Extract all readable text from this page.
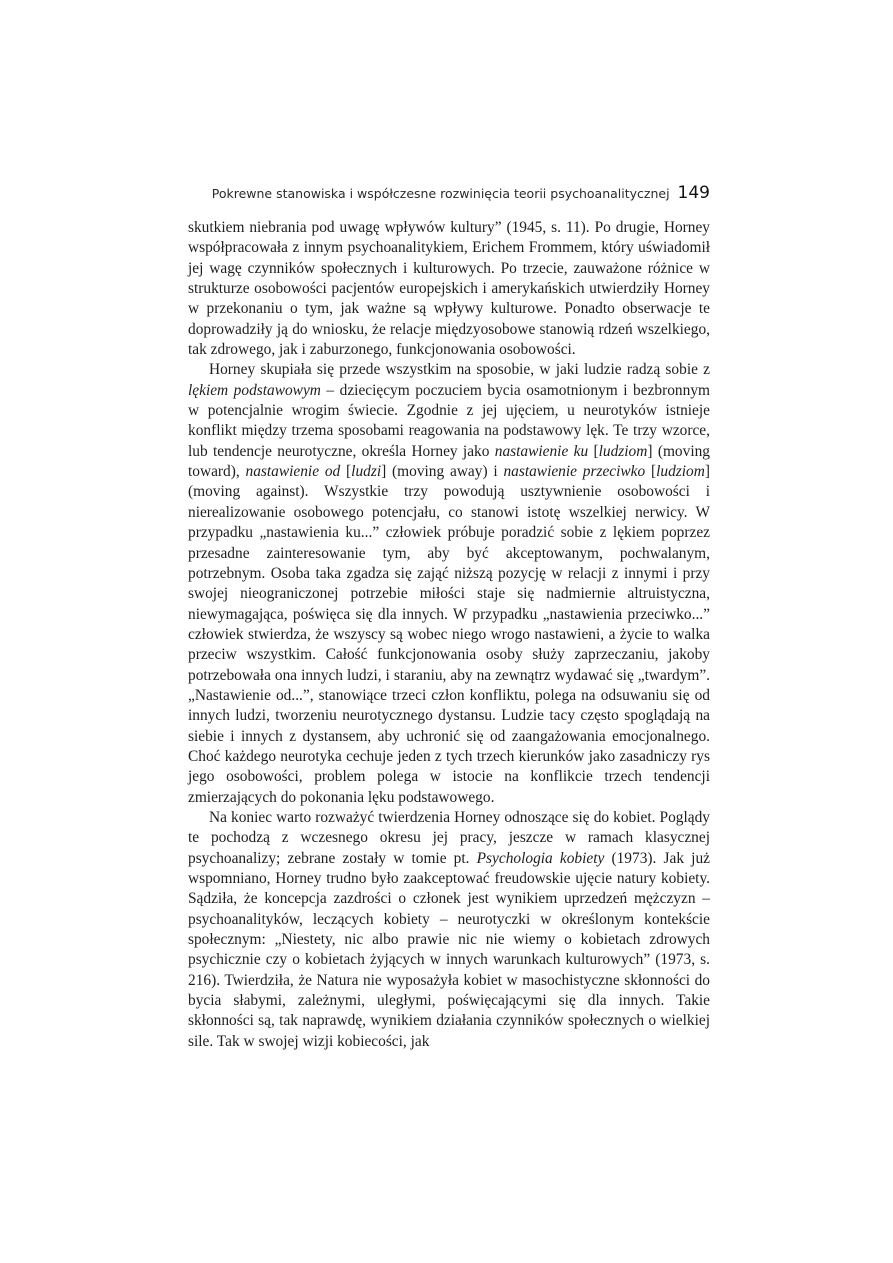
Pokrewne stanowiska i współczesne rozwinięcia teorii psychoanalitycznej 149

skutkiem niebrania pod uwagę wpływów kultury” (1945, s. 11). Po drugie, Horney współpracowała z innym psychoanalitykiem, Erichem Frommem, który uświadomił jej wagę czynników społecznych i kulturowych. Po trzecie, zauważone różnice w strukturze osobowości pacjentów europejskich i amerykańskich utwierdziły Horney w przekonaniu o tym, jak ważne są wpływy kulturowe. Ponadto obserwacje te doprowadziły ją do wniosku, że relacje międzyosobowe stanowią rdzeń wszelkiego, tak zdrowego, jak i zaburzonego, funkcjonowania osobowości.

Horney skupiała się przede wszystkim na sposobie, w jaki ludzie radzą sobie z lękiem podstawowym – dziecięcym poczuciem bycia osamotnionym i bezbronnym w potencjalnie wrogim świecie. Zgodnie z jej ujęciem, u neurotyków istnieje konflikt między trzema sposobami reagowania na podstawowy lęk. Te trzy wzorce, lub tendencje neurotyczne, określa Horney jako nastawienie ku [ludziom] (moving toward), nastawienie od [ludzi] (moving away) i nastawienie przeciwko [ludziom] (moving against). Wszystkie trzy powodują usztywnienie osobowości i nierealizowanie osobowego potencjału, co stanowi istotę wszelkiej nerwicy. W przypadku „nastawienia ku...” człowiek próbuje poradzić sobie z lękiem poprzez przesadne zainteresowanie tym, aby być akceptowanym, pochwalanym, potrzebnym. Osoba taka zgadza się zająć niższą pozycję w relacji z innymi i przy swojej nieograniczonej potrzebie miłości staje się nadmiernie altruistyczna, niewymagająca, poświęca się dla innych. W przypadku „nastawienia przeciwko...” człowiek stwierdza, że wszyscy są wobec niego wrogo nastawieni, a życie to walka przeciw wszystkim. Całość funkcjonowania osoby służy zaprzeczaniu, jakoby potrzebowała ona innych ludzi, i staraniu, aby na zewnątrz wydawać się „twardym”. „Nastawienie od...”, stanowiące trzeci człon konfliktu, polega na odsuwaniu się od innych ludzi, tworzeniu neurotycznego dystansu. Ludzie tacy często spoglądają na siebie i innych z dystansem, aby uchronić się od zaangażowania emocjonalnego. Choć każdego neurotyka cechuje jeden z tych trzech kierunków jako zasadniczy rys jego osobowości, problem polega w istocie na konflikcie trzech tendencji zmierzających do pokonania lęku podstawowego.

Na koniec warto rozważyć twierdzenia Horney odnoszące się do kobiet. Poglądy te pochodzą z wczesnego okresu jej pracy, jeszcze w ramach klasycznej psychoanalizy; zebrane zostały w tomie pt. Psychologia kobiety (1973). Jak już wspomniano, Horney trudno było zaakceptować freudowskie ujęcie natury kobiety. Sądziła, że koncepcja zazdrości o członek jest wynikiem uprzedzeń mężczyzn – psychoanalityków, leczących kobiety – neurotyczki w określonym kontekście społecznym: „Niestety, nic albo prawie nic nie wiemy o kobietach zdrowych psychicznie czy o kobietach żyjących w innych warunkach kulturowych” (1973, s. 216). Twierdziła, że Natura nie wyposażyła kobiet w masochistyczne skłonności do bycia słabymi, zależnymi, uległymi, poświęcającymi się dla innych. Takie skłonności są, tak naprawdę, wynikiem działania czynników społecznych o wielkiej sile. Tak w swojej wizji kobiecości, jak
